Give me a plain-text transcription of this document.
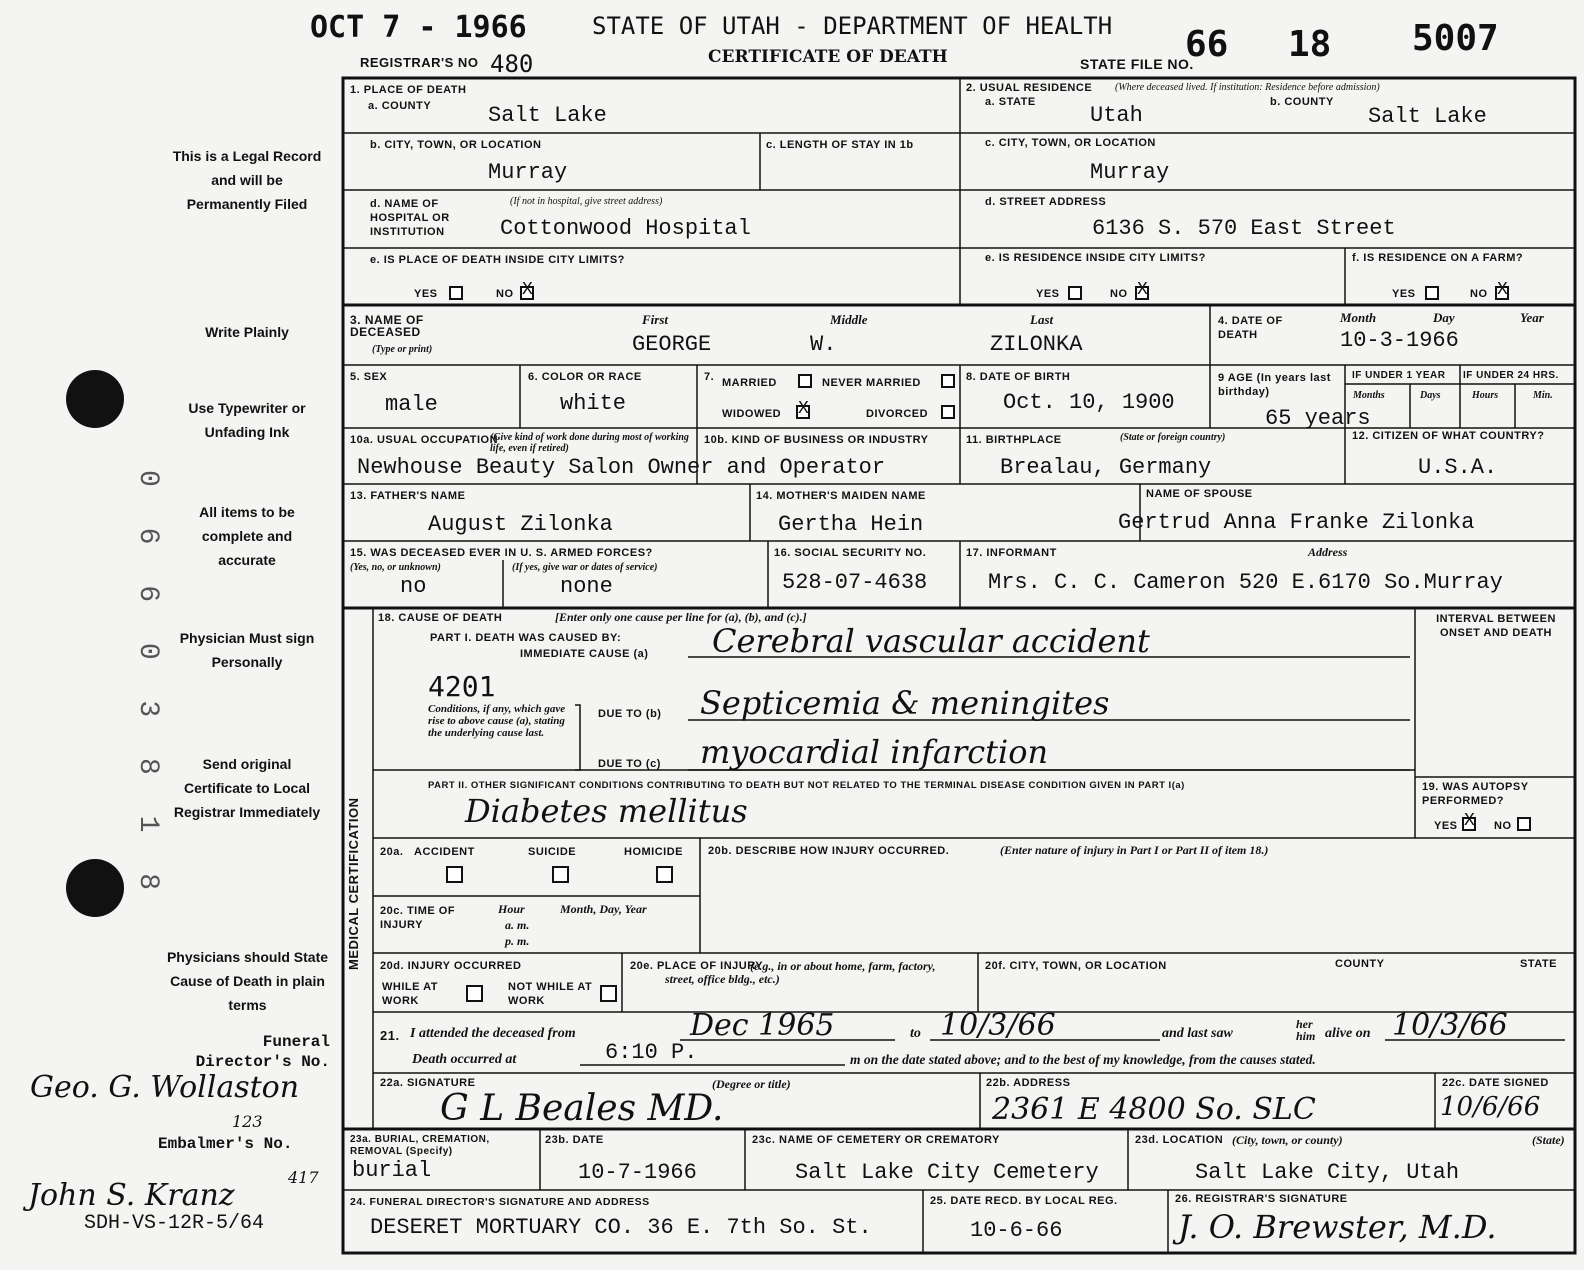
OCT 7 - 1966
REGISTRAR'S NO 480
STATE OF UTAH - DEPARTMENT OF HEALTH
CERTIFICATE OF DEATH	STATE FILE NO.
66 18 5007
This is a Legal Record and will be Permanently Filed
Write Plainly
Use Typewriter or Unfading Ink
All items to be complete and accurate
Physician Must sign Personally
Send original Certificate to Local Registrar Immediately
Physicians should State Cause of Death in plain terms
Funeral Director's No.
Geo. G. Wollaston
123
Embalmer's No.
John S. Kranz
417
SDH-VS-12R-5/64
0 6 6 0 3 8 1 8
1. PLACE OF DEATH
a. COUNTY	Salt Lake
2. USUAL RESIDENCE (Where deceased lived. If institution: Residence before admission)
a. STATE
Utah
b. COUNTY
Salt Lake
b. CITY, TOWN, OR LOCATION
Murray
c. LENGTH OF STAY IN 1b	c. CITY, TOWN, OR LOCATION
Murray
d. NAME OF HOSPITAL OR INSTITUTION
(If not in hospital, give street address)
Cottonwood Hospital
d. STREET ADDRESS
6136 S. 570 East Street
e. IS PLACE OF DEATH INSIDE CITY LIMITS?
YES	NO
X
e. IS RESIDENCE INSIDE CITY LIMITS?
YES	NO
X
f. IS RESIDENCE ON A FARM?
YES	NO
X
3. NAME OF DECEASED
(Type or print)
First	Middle	Last
GEORGE	W.	ZILONKA
4. DATE OF DEATH
Month	Day	Year
10-3-1966
5. SEX
male
6. COLOR OR RACE
white
7. MARRIED	NEVER MARRIED
WIDOWED X	DIVORCED
8. DATE OF BIRTH
Oct. 10, 1900
9 AGE (In years last birthday)
65 years
IF UNDER 1 YEAR IF UNDER 24 HRS.
Months	Days	Hours	Min.
10a. USUAL OCCUPATION
(Give kind of work done during most of working life, even if retired)
Newhouse Beauty Salon Owner and Operator
10b. KIND OF BUSINESS OR INDUSTRY	11. BIRTHPLACE	(State or foreign country)
Brealau, Germany
12. CITIZEN OF WHAT COUNTRY?
U.S.A.
13. FATHER'S NAME
August Zilonka
14. MOTHER'S MAIDEN NAME
Gertha Hein
NAME OF SPOUSE
Gertrud Anna Franke Zilonka
15. WAS DECEASED EVER IN U. S. ARMED FORCES?
(Yes, no, or unknown)	(If yes, give war or dates of service)
no	none
16. SOCIAL SECURITY NO.
528-07-4638
17. INFORMANT	Address
Mrs. C. C. Cameron 520 E.6170 So.Murray
MEDICAL CERTIFICATION
18. CAUSE OF DEATH	[Enter only one cause per line for (a), (b), and (c).]
PART I. DEATH WAS CAUSED BY:
IMMEDIATE CAUSE (a) Cerebral vascular accident
4201
Conditions, if any, which gave rise to above cause (a), stating the underlying cause last.
DUE TO (b) Septicemia & meningites
DUE TO (c) myocardial infarction
INTERVAL BETWEEN ONSET AND DEATH
PART II. OTHER SIGNIFICANT CONDITIONS CONTRIBUTING TO DEATH BUT NOT RELATED TO THE TERMINAL DISEASE CONDITION GIVEN IN PART I(a)
Diabetes mellitus
19. WAS AUTOPSY PERFORMED?
YES X	NO
20a. ACCIDENT	SUICIDE	HOMICIDE 20b. DESCRIBE HOW INJURY OCCURRED.	(Enter nature of injury in Part I or Part II of item 18.)
20c. TIME OF INJURY
Hour
a. m.
p. m.
Month, Day, Year
20d. INJURY OCCURRED
WHILE AT WORK
NOT WHILE AT WORK
20e. PLACE OF INJURY
(e.g., in or about home, farm, factory, street, office bldg., etc.)
20f. CITY, TOWN, OR LOCATION	COUNTY	STATE
21. I attended the deceased from	Dec 1965	to 10/3/66	and last saw
her him alive on 10/3/66
Death occurred at	6:10 P.	m on the date stated above; and to the best of my knowledge, from the causes stated.
22a. SIGNATURE	(Degree or title)
G L Beales MD.
22b. ADDRESS
2361 E 4800 So. SLC
22c. DATE SIGNED
10/6/66
23a. BURIAL, CREMATION, REMOVAL (Specify)
burial
23b. DATE
10-7-1966
23c. NAME OF CEMETERY OR CREMATORY
Salt Lake City Cemetery
23d. LOCATION (City, town, or county)	(State)
Salt Lake City, Utah
24. FUNERAL DIRECTOR'S SIGNATURE AND ADDRESS
DESERET MORTUARY CO. 36 E. 7th So. St.
25. DATE RECD. BY LOCAL REG.
10-6-66
26. REGISTRAR'S SIGNATURE
J. O. Brewster, M.D.
